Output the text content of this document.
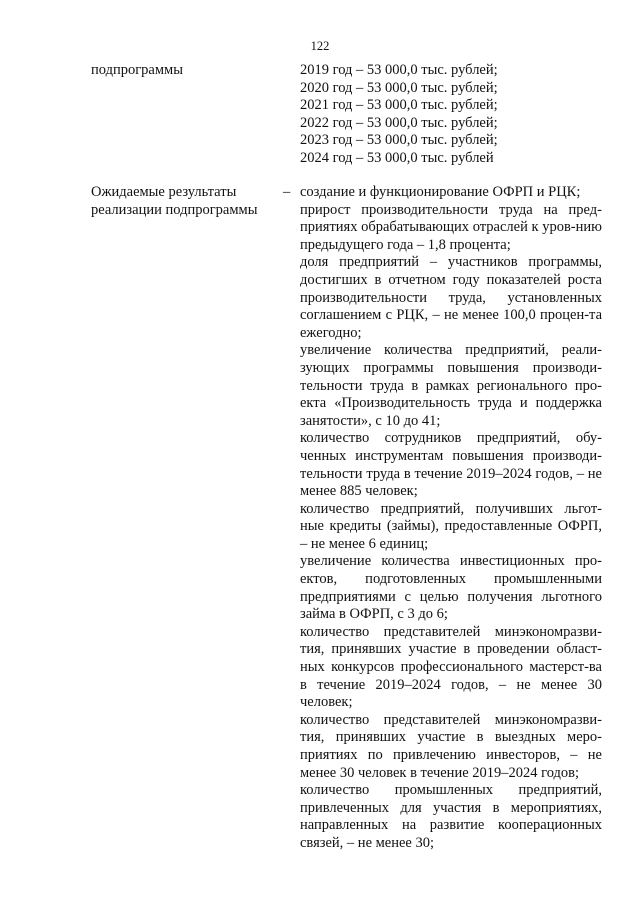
122
подпрограммы	2019 год – 53 000,0 тыс. рублей;
2020 год – 53 000,0 тыс. рублей;
2021 год – 53 000,0 тыс. рублей;
2022 год – 53 000,0 тыс. рублей;
2023 год – 53 000,0 тыс. рублей;
2024 год – 53 000,0 тыс. рублей
Ожидаемые результаты
реализации подпрограммы
– создание и функционирование ОФРП и РЦК;
прирост производительности труда на пред-приятиях обрабатывающих отраслей к уров-нию предыдущего года – 1,8 процента;
доля предприятий – участников программы, достигших в отчетном году показателей роста производительности труда, установленных соглашением с РЦК, – не менее 100,0 процен-та ежегодно;
увеличение количества предприятий, реали-зующих программы повышения производи-тельности труда в рамках регионального про-екта «Производительность труда и поддержка занятости», с 10 до 41;
количество сотрудников предприятий, обу-ченных инструментам повышения производи-тельности труда в течение 2019–2024 годов, – не менее 885 человек;
количество предприятий, получивших льгот-ные кредиты (займы), предоставленные ОФРП, – не менее 6 единиц;
увеличение количества инвестиционных про-ектов, подготовленных промышленными предприятиями с целью получения льготного займа в ОФРП, с 3 до 6;
количество представителей минэкономразви-тия, принявших участие в проведении област-ных конкурсов профессионального мастерст-ва в течение 2019–2024 годов, – не менее 30 человек;
количество представителей минэкономразви-тия, принявших участие в выездных меро-приятиях по привлечению инвесторов, – не менее 30 человек в течение 2019–2024 годов;
количество промышленных предприятий, привлеченных для участия в мероприятиях, направленных на развитие кооперационных связей, – не менее 30;
